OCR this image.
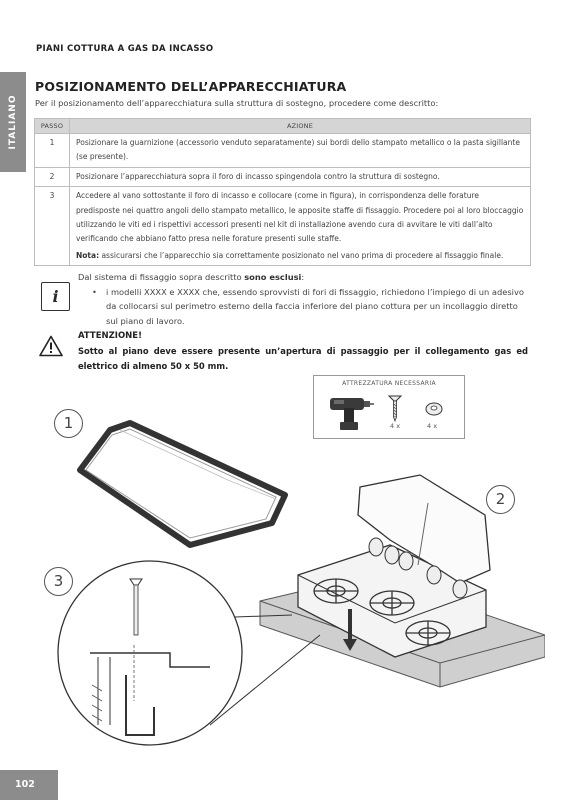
ITALIANO
PIANI COTTURA A GAS DA INCASSO
POSIZIONAMENTO DELL’APPARECCHIATURA
Per il posizionamento dell’apparecchiatura sulla struttura di sostegno, procedere come descritto:
PASSO	AZIONE
1	Posizionare la guarnizione (accessorio venduto separatamente) sui bordi dello stampato metallico o la pasta sigillante (se presente).
2	Posizionare l’apparecchiatura sopra il foro di incasso spingendola contro la struttura di sostegno.
3	Accedere al vano sottostante il foro di incasso e collocare (come in figura), in corrispondenza delle forature predisposte nei quattro angoli dello stampato metallico, le apposite staffe di fissaggio. Procedere poi al loro bloccaggio utilizzando le viti ed i rispettivi accessori presenti nel kit di installazione avendo cura di avvitare le viti dall’alto verificando che abbiano fatto presa nelle forature presenti sulle staffe.
Nota: assicurarsi che l’apparecchio sia correttamente posizionato nel vano prima di procedere al fissaggio finale.
i
Dal sistema di fissaggio sopra descritto sono esclusi:
• i modelli XXXX e XXXX che, essendo sprovvisti di fori di fissaggio, richiedono l’impiego di un adesivo da collocarsi sul perimetro esterno della faccia inferiore del piano cottura per un incollaggio diretto sul piano di lavoro.
ATTENZIONE!
Sotto al piano deve essere presente un’apertura di passaggio per il collegamento gas ed elettrico di almeno 50 x 50 mm.
ATTREZZATURA NECESSARIA
4 x	4 x
1
2
3
102
